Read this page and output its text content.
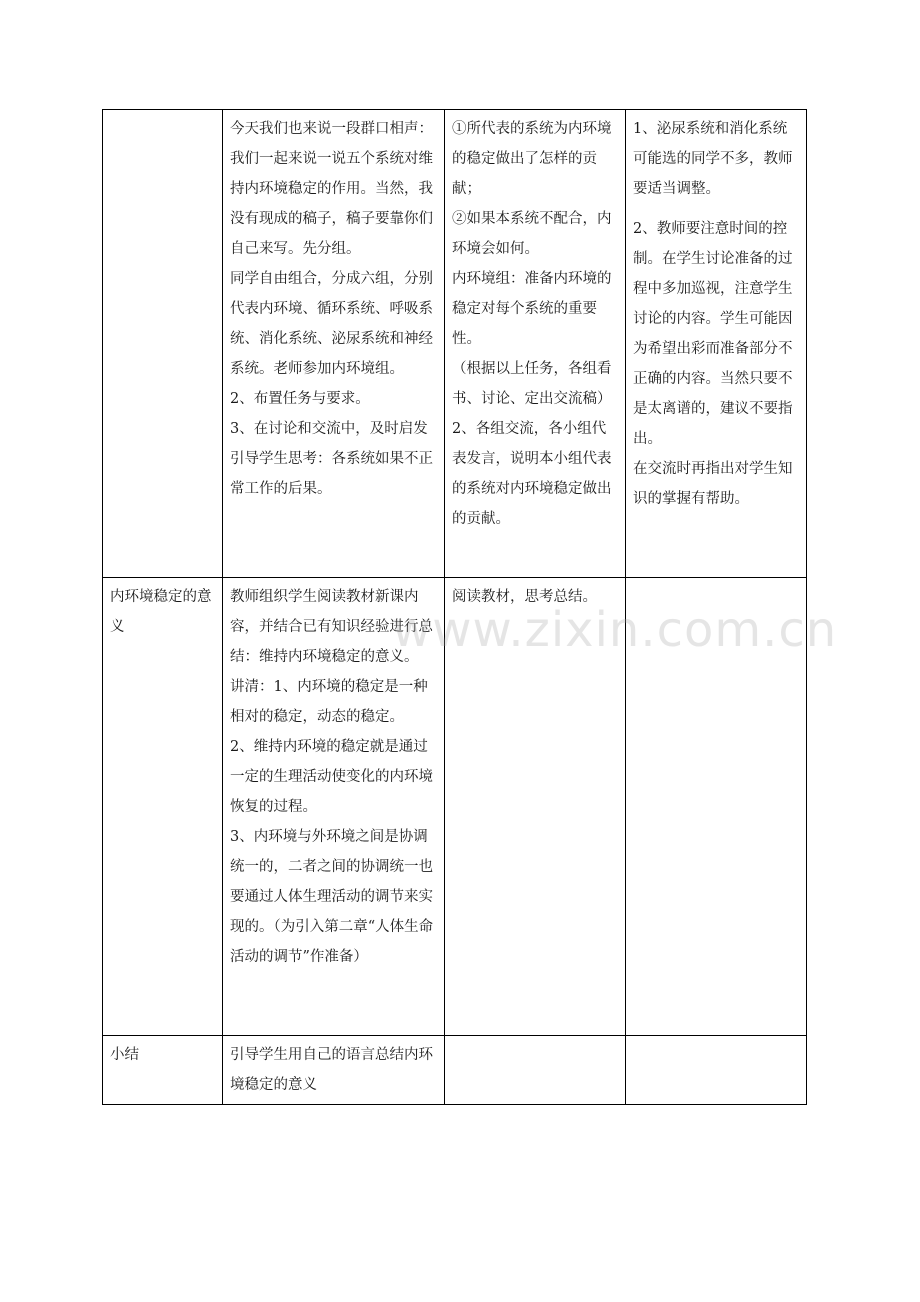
	今天我们也来说一段群口相声：
我们一起来说一说五个系统对维持内环境稳定的作用。当然，我没有现成的稿子，稿子要靠你们自己来写。先分组。
同学自由组合，分成六组，分别代表内环境、循环系统、呼吸系统、消化系统、泌尿系统和神经系统。老师参加内环境组。
2、布置任务与要求。
3、在讨论和交流中，及时启发引导学生思考：各系统如果不正常工作的后果。	①所代表的系统为内环境的稳定做出了怎样的贡献；
②如果本系统不配合，内环境会如何。
内环境组：准备内环境的稳定对每个系统的重要性。
（根据以上任务，各组看书、讨论、定出交流稿）
2、各组交流，各小组代表发言，说明本小组代表的系统对内环境稳定做出的贡献。	1、泌尿系统和消化系统可能选的同学不多，教师要适当调整。
2、教师要注意时间的控制。在学生讨论准备的过程中多加巡视，注意学生讨论的内容。学生可能因为希望出彩而准备部分不正确的内容。当然只要不是太离谱的，建议不要指出。
在交流时再指出对学生知识的掌握有帮助。

内环境稳定的意义	教师组织学生阅读教材新课内容，并结合已有知识经验进行总结：维持内环境稳定的意义。
讲清：1、内环境的稳定是一种相对的稳定，动态的稳定。
2、维持内环境的稳定就是通过一定的生理活动使变化的内环境恢复的过程。
3、内环境与外环境之间是协调统一的，二者之间的协调统一也要通过人体生理活动的调节来实现的。（为引入第二章“人体生命活动的调节”作准备）	阅读教材，思考总结。	

小结	引导学生用自己的语言总结内环境稳定的意义		

www.zixin.com.cn
